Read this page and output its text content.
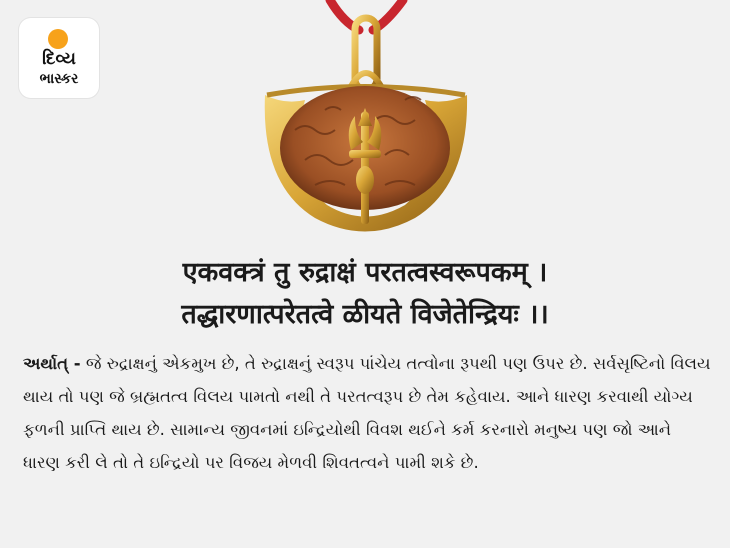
દિવ્ય
ભાસ્કર
एकवक्त्रं तु रुद्राक्षं परतत्वस्वरूपकम् ।
तद्धारणात्परेतत्वे ळीयते विजेतेन्द्रियः ।।
અર્થાત્ - જે રુદ્રાક્ષનું એકમુખ છે, તે રુદ્રાક્ષનું સ્વરૂપ પાંચેય તત્વોના રૂપથી પણ ઉપર છે. સર્વસૃષ્ટિનો વિલય થાય તો પણ જે બ્રહ્મતત્વ વિલય પામતો નથી તે પરતત્વરૂપ છે તેમ કહેવાય. આને ધારણ કરવાથી યોગ્ય ફળની પ્રાપ્તિ થાય છે. સામાન્ય જીવનમાં ઇન્દ્રિયોથી વિવશ થઈને કર્મ કરનારો મનુષ્ય પણ જો આને ધારણ કરી લે તો તે ઇન્દ્રિયો પર વિજય મેળવી શિવતત્વને પામી શકે છે.
